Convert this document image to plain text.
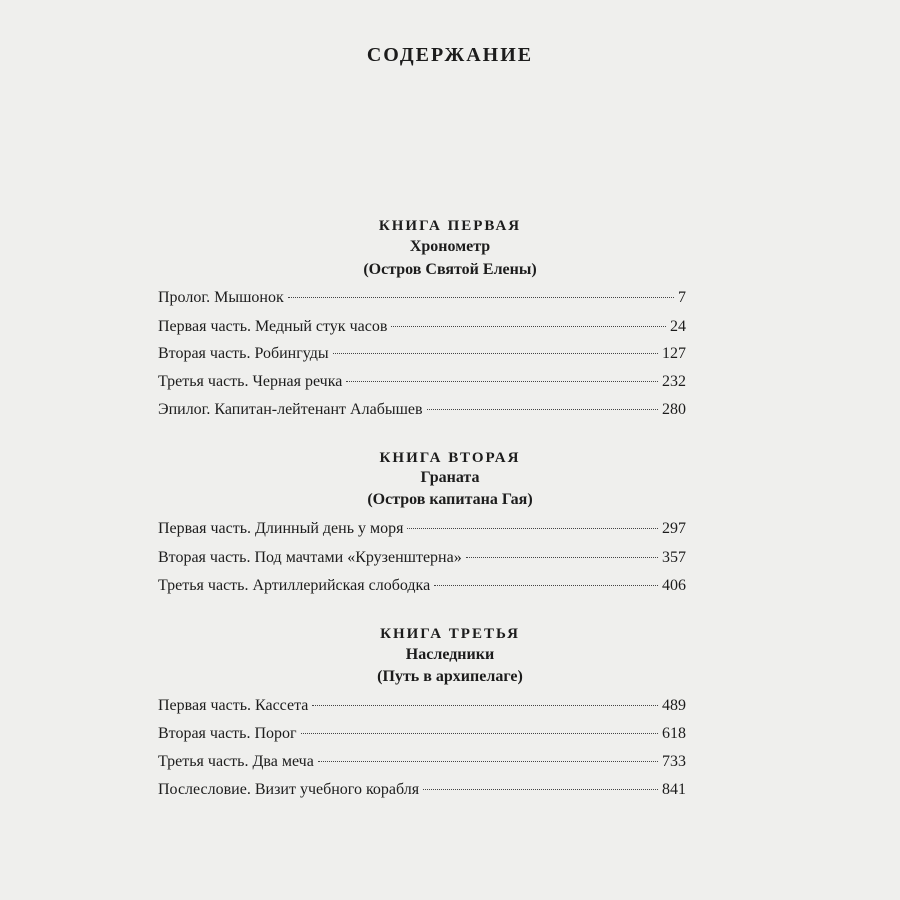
СОДЕРЖАНИЕ
КНИГА ПЕРВАЯ
Хронометр
(Остров Святой Елены)
Пролог. Мышонок	7
Первая часть. Медный стук часов	24
Вторая часть. Робингуды	127
Третья часть. Черная речка	232
Эпилог. Капитан-лейтенант Алабышев	280
КНИГА ВТОРАЯ
Граната
(Остров капитана Гая)
Первая часть. Длинный день у моря	297
Вторая часть. Под мачтами «Крузенштерна»	357
Третья часть. Артиллерийская слободка	406
КНИГА ТРЕТЬЯ
Наследники
(Путь в архипелаге)
Первая часть. Кассета	489
Вторая часть. Порог	618
Третья часть. Два меча	733
Послесловие. Визит учебного корабля	841
